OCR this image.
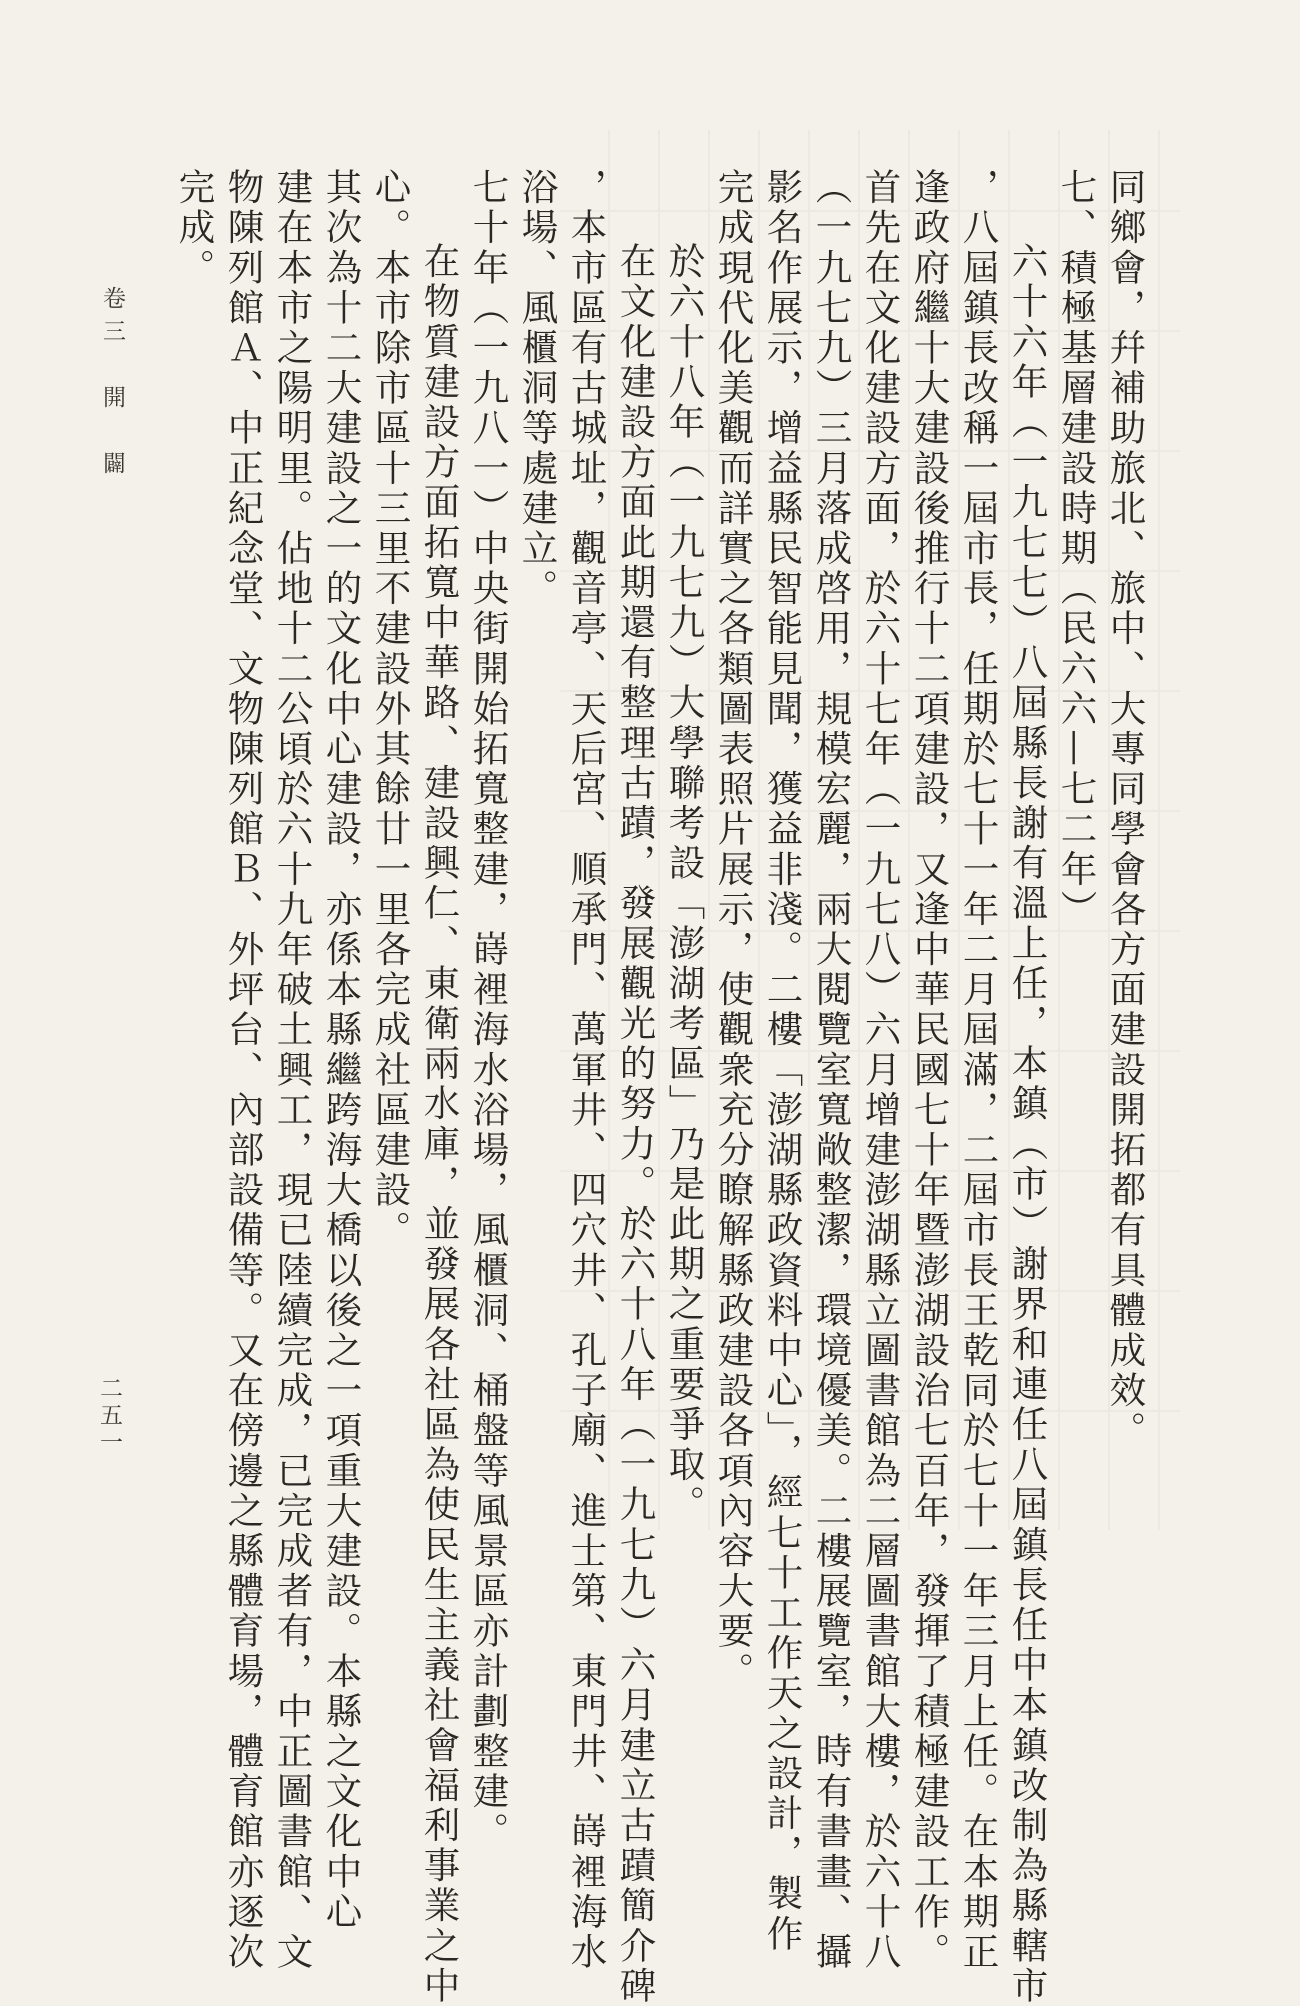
同鄉會，幷補助旅北、旅中、大專同學會各方面建設開拓都有具體成效。
七、積極基層建設時期（民六六—七二年）
六十六年（一九七七）八屆縣長謝有溫上任，本鎮（市）謝界和連任八屆鎮長任中本鎮改制為縣轄市
，八屆鎮長改稱一屆市長，任期於七十一年二月屆滿，二屆市長王乾同於七十一年三月上任。在本期正
逢政府繼十大建設後推行十二項建設，又逢中華民國七十年暨澎湖設治七百年，發揮了積極建設工作。
首先在文化建設方面，於六十七年（一九七八）六月增建澎湖縣立圖書館為二層圖書館大樓，於六十八
（一九七九）三月落成啓用，規模宏麗，兩大閱覽室寬敞整潔，環境優美。二樓展覽室，時有書畫、攝
影名作展示，增益縣民智能見聞，獲益非淺。二樓「澎湖縣政資料中心」，經七十工作天之設計，製作
完成現代化美觀而詳實之各類圖表照片展示，使觀衆充分瞭解縣政建設各項內容大要。
於六十八年（一九七九）大學聯考設「澎湖考區」乃是此期之重要爭取。
在文化建設方面此期還有整理古蹟，發展觀光的努力。於六十八年（一九七九）六月建立古蹟簡介碑
，本市區有古城址，觀音亭、天后宮、順承門、萬軍井、四穴井、孔子廟、進士第、東門井、嵵裡海水
浴場、風櫃洞等處建立。
七十年（一九八一）中央街開始拓寬整建，嵵裡海水浴場，風櫃洞、桶盤等風景區亦計劃整建。
在物質建設方面拓寬中華路、建設興仁、東衛兩水庫，並發展各社區為使民生主義社會福利事業之中
心。本市除市區十三里不建設外其餘廿一里各完成社區建設。
其次為十二大建設之一的文化中心建設，亦係本縣繼跨海大橋以後之一項重大建設。本縣之文化中心
建在本市之陽明里。佔地十二公頃於六十九年破土興工，現已陸續完成，已完成者有，中正圖書館、文
物陳列館Ａ、中正紀念堂、文物陳列館Ｂ、外坪台、內部設備等。又在傍邊之縣體育場，體育館亦逐次
完成。
卷三　開　闢
二五一
